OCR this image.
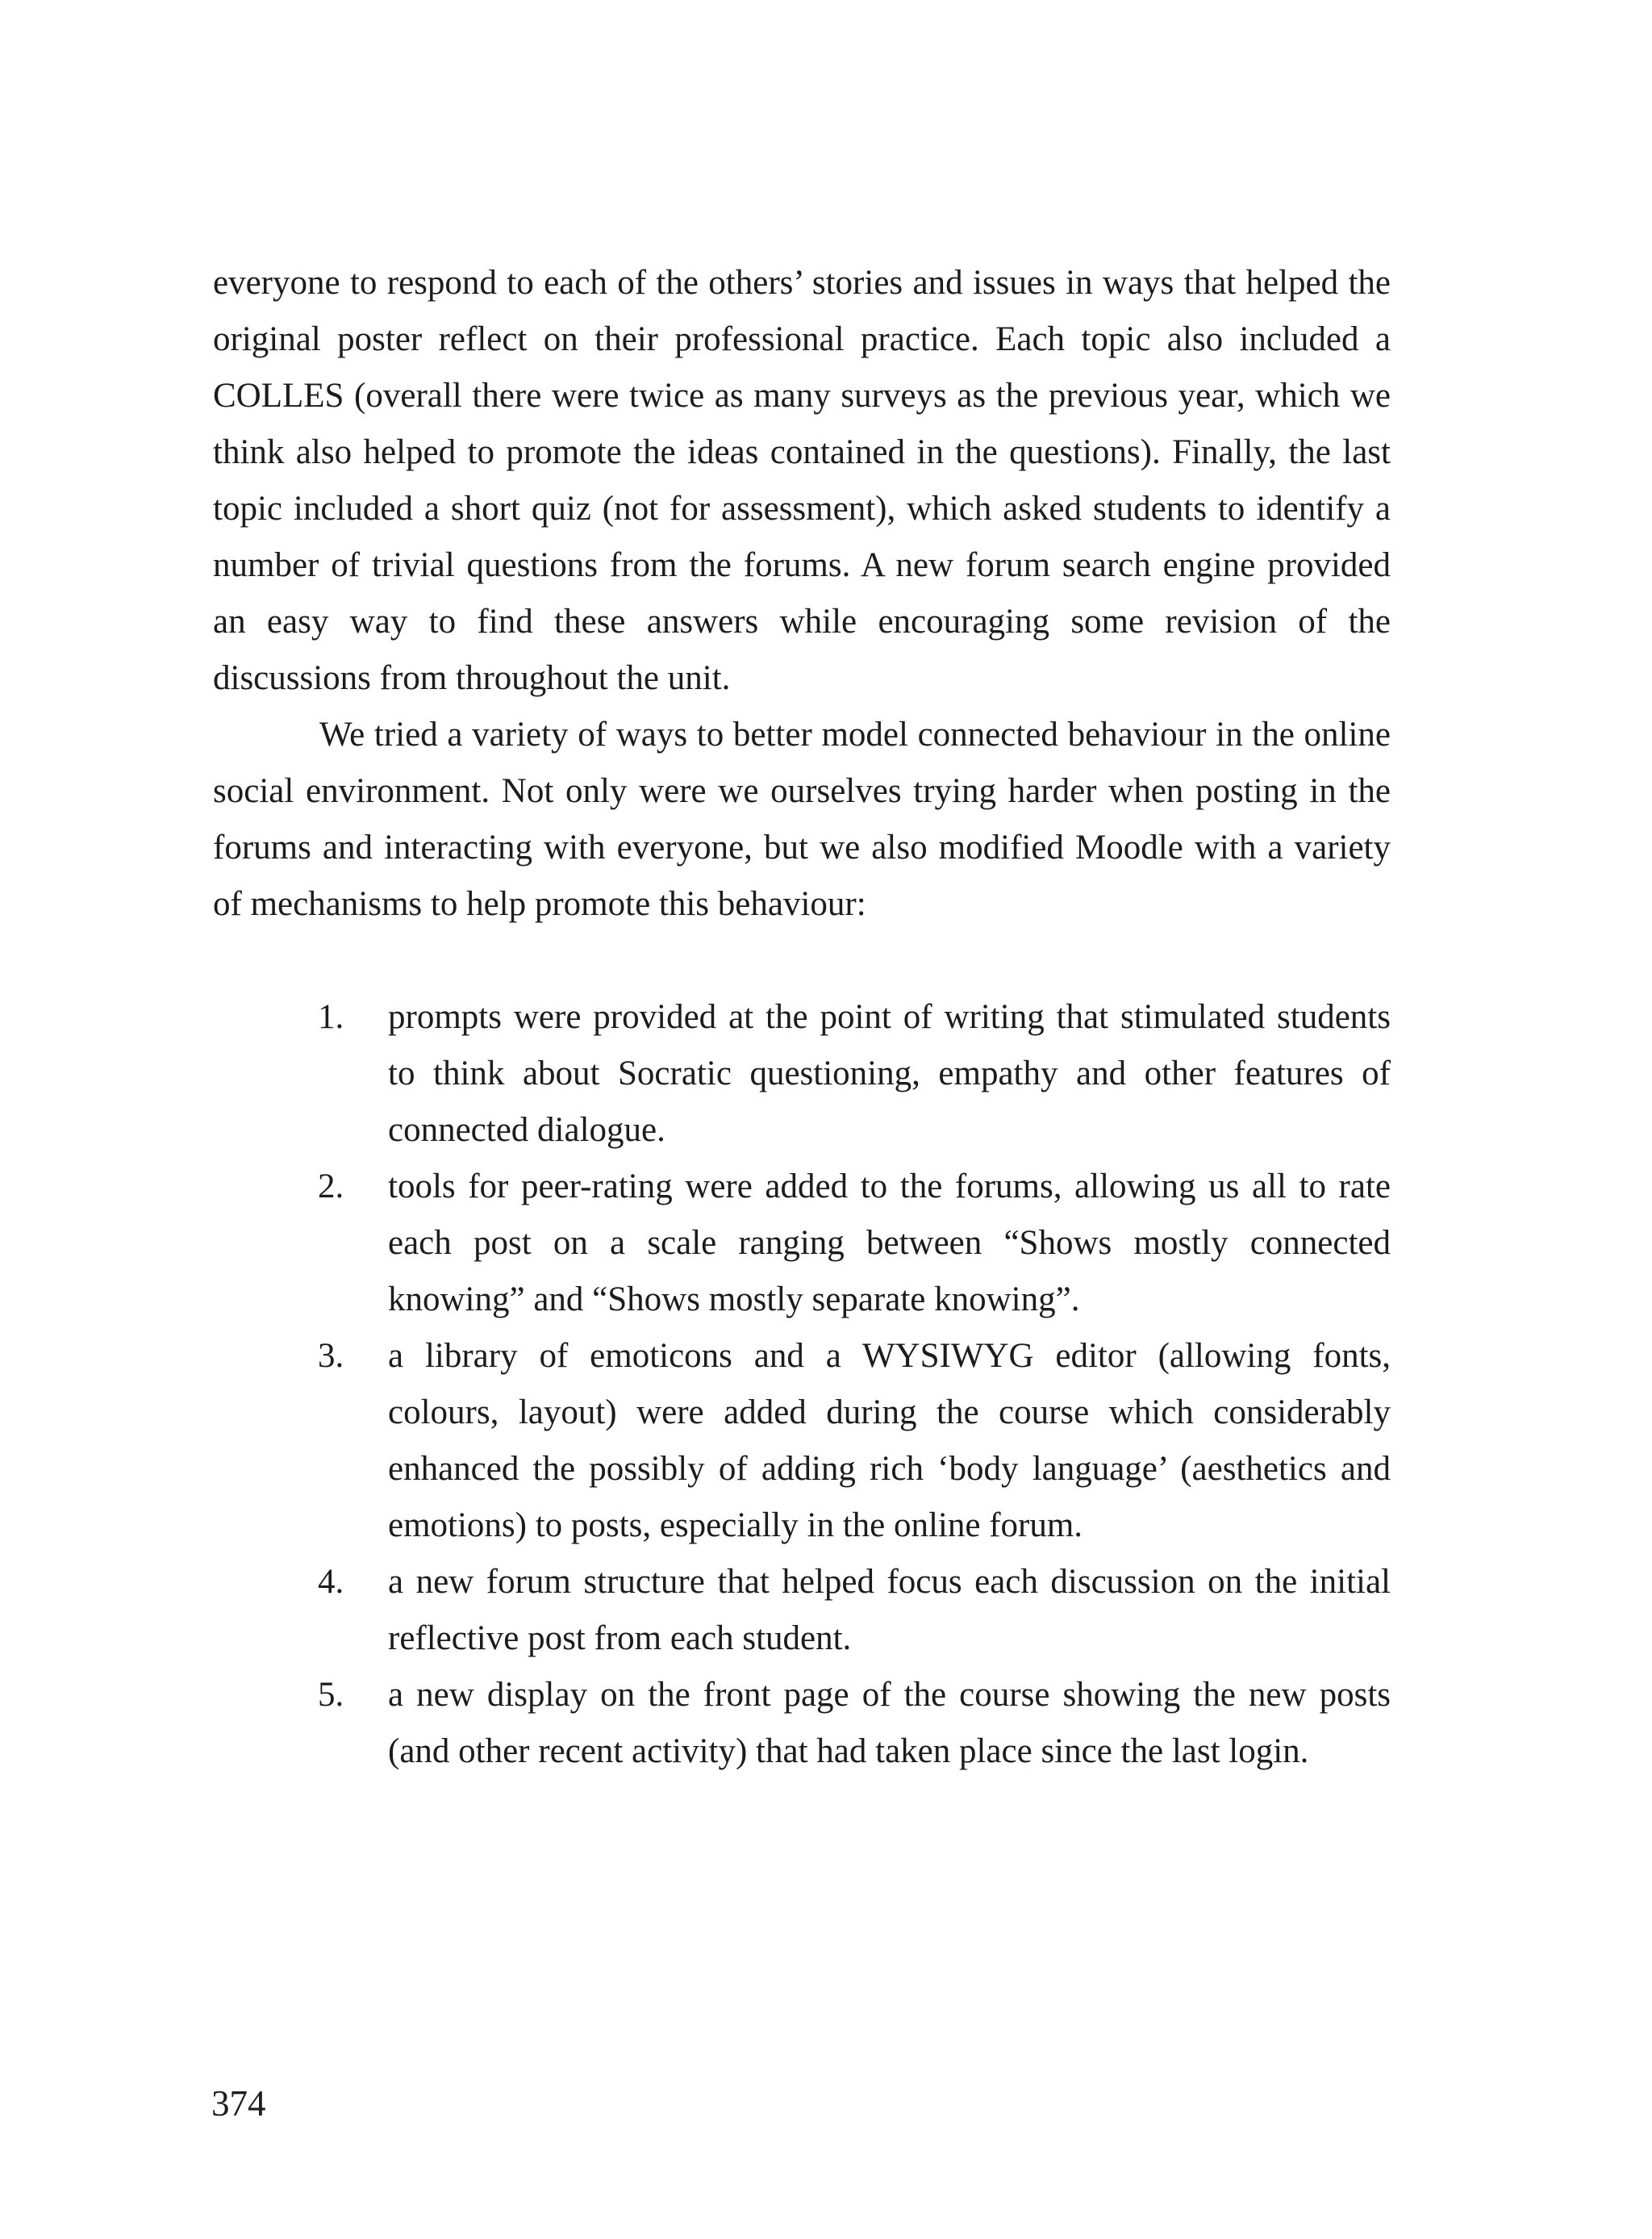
everyone to respond to each of the others’ stories and issues in ways that helped the original poster reflect on their professional practice. Each topic also included a COLLES (overall there were twice as many surveys as the previous year, which we think also helped to promote the ideas contained in the questions). Finally, the last topic included a short quiz (not for assessment), which asked students to identify a number of trivial questions from the forums. A new forum search engine provided an easy way to find these answers while encouraging some revision of the discussions from throughout the unit.

We tried a variety of ways to better model connected behaviour in the online social environment. Not only were we ourselves trying harder when posting in the forums and interacting with everyone, but we also modified Moodle with a variety of mechanisms to help promote this behaviour:

1. prompts were provided at the point of writing that stimulated students to think about Socratic questioning, empathy and other features of connected dialogue.
2. tools for peer-rating were added to the forums, allowing us all to rate each post on a scale ranging between “Shows mostly connected knowing” and “Shows mostly separate knowing”.
3. a library of emoticons and a WYSIWYG editor (allowing fonts, colours, layout) were added during the course which considerably enhanced the possibly of adding rich ‘body language’ (aesthetics and emotions) to posts, especially in the online forum.
4. a new forum structure that helped focus each discussion on the initial reflective post from each student.
5. a new display on the front page of the course showing the new posts (and other recent activity) that had taken place since the last login.
374
